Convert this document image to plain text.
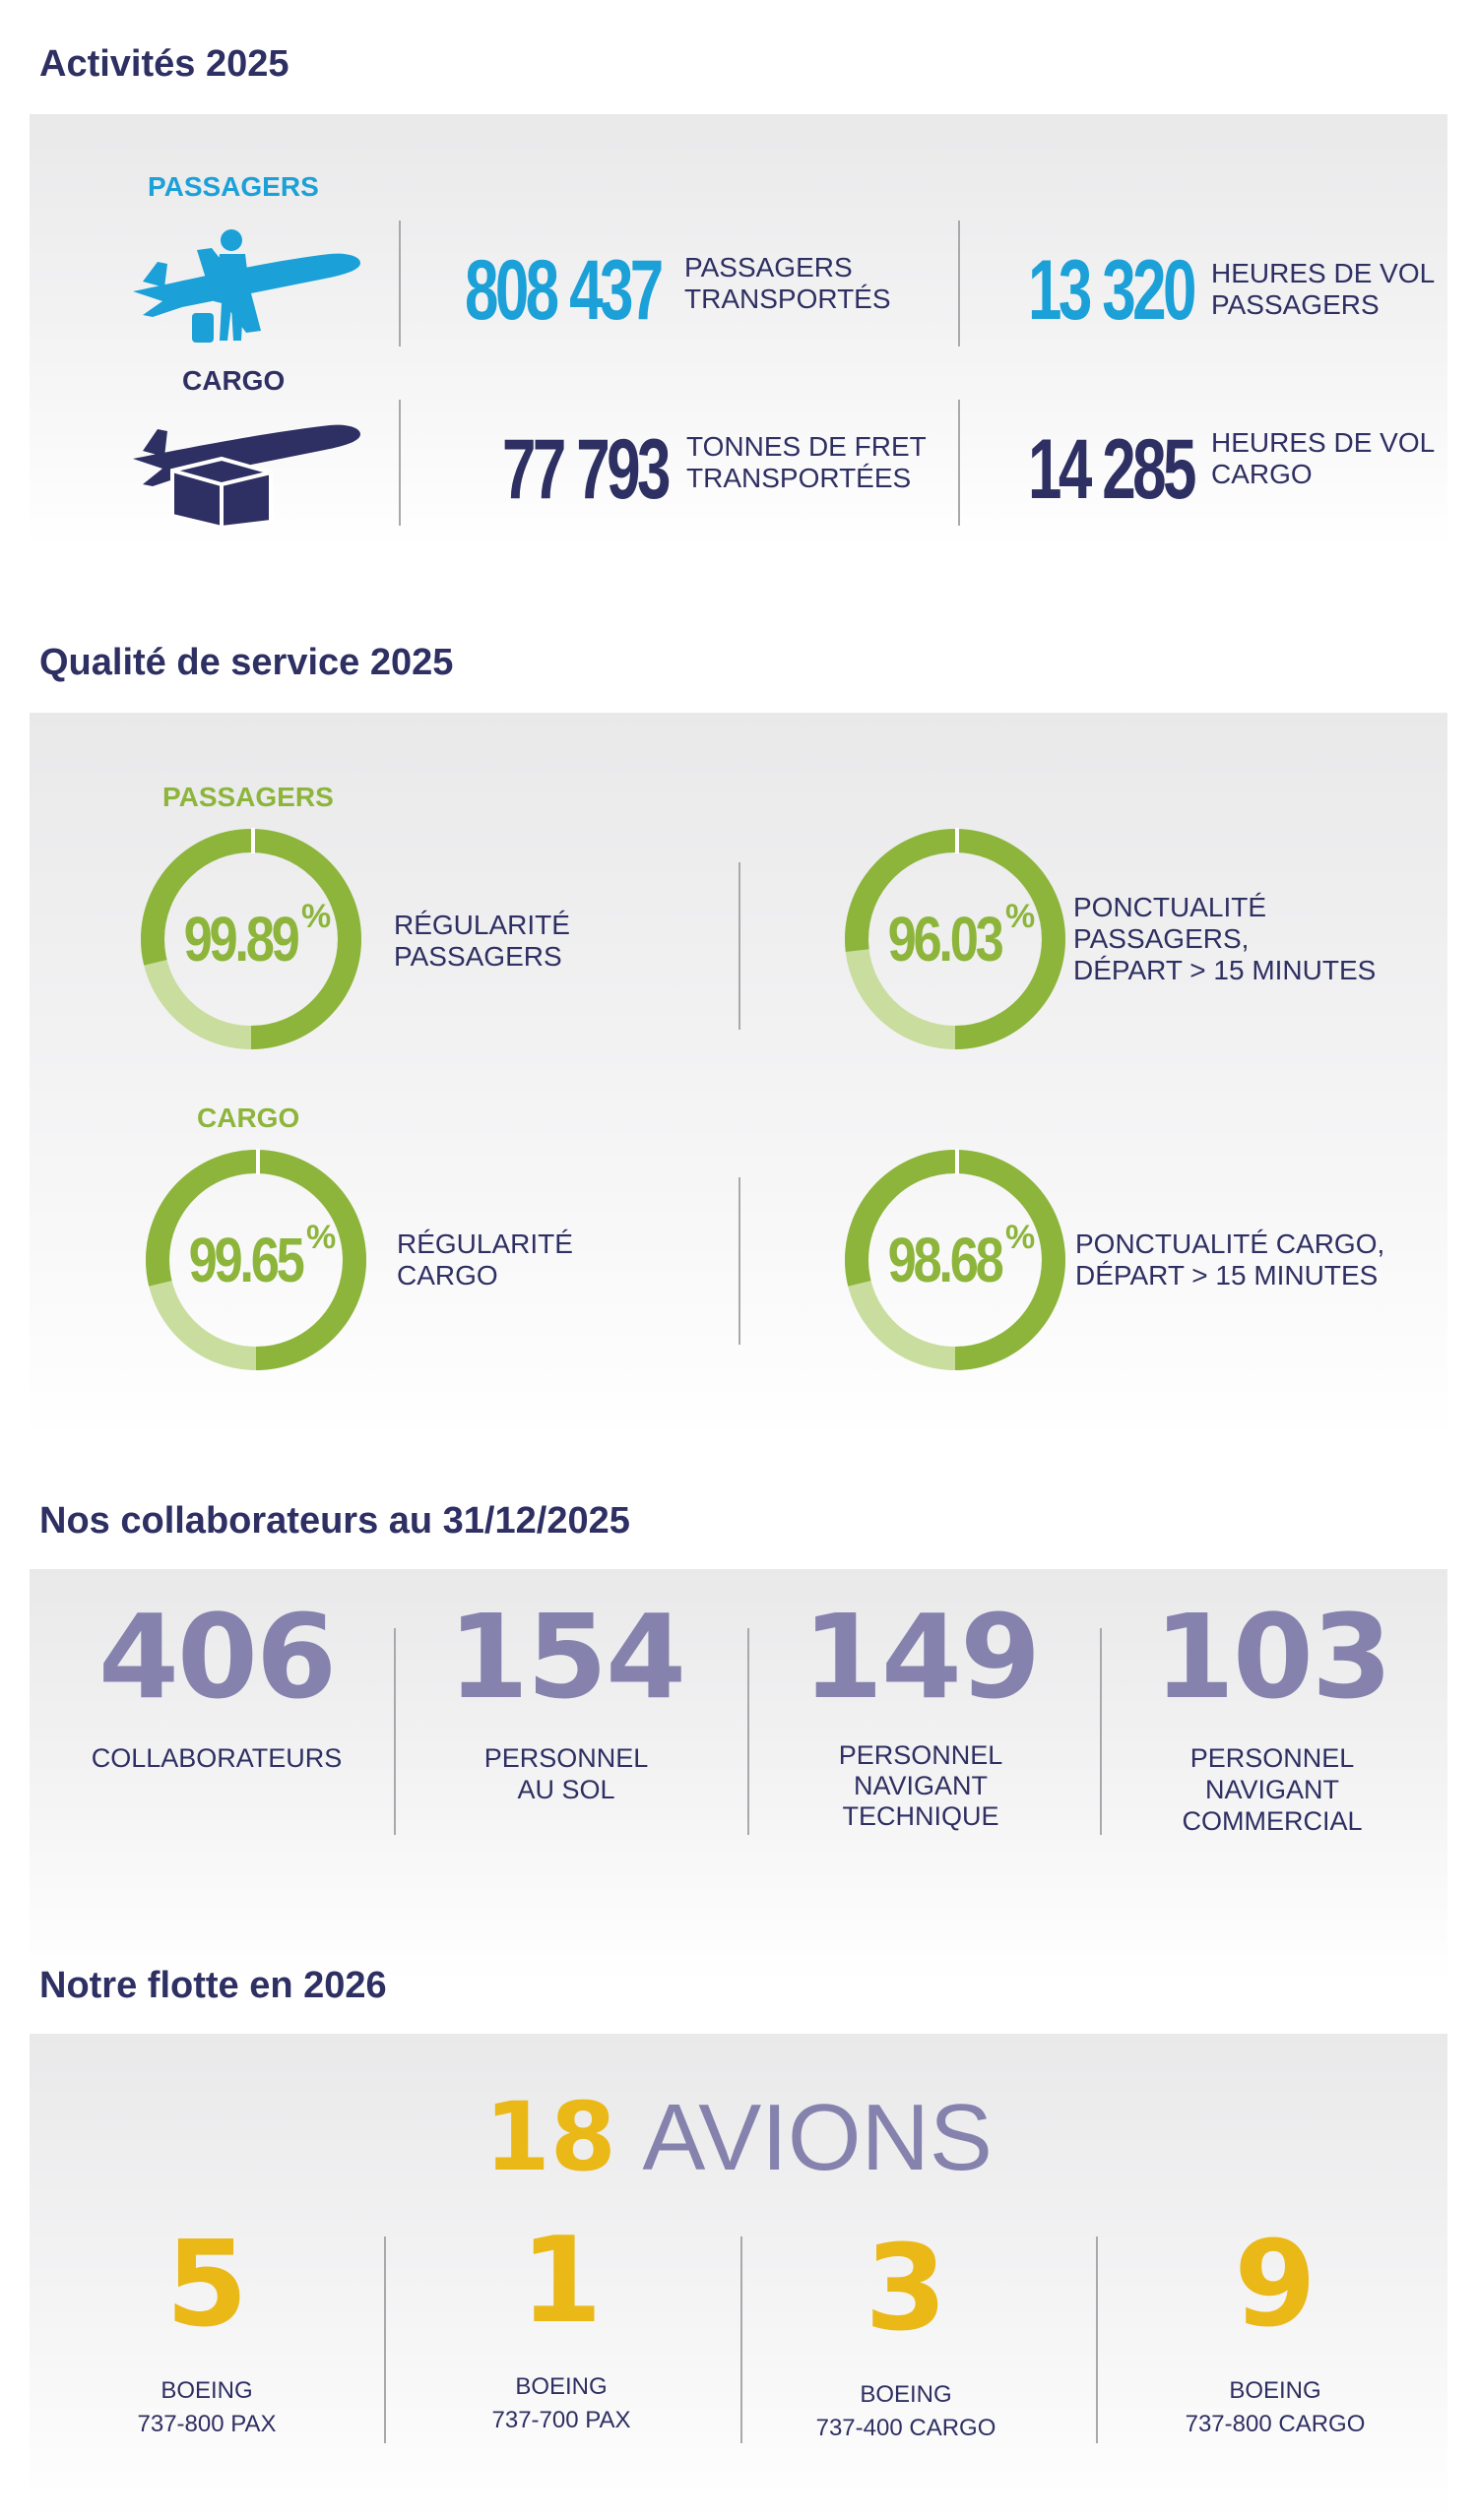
Activités 2025
PASSAGERS
808 437 PASSAGERS
TRANSPORTÉS 13 320 HEURES DE VOL
PASSAGERS
CARGO
77 793 TONNES DE FRET
TRANSPORTÉES 14 285 HEURES DE VOL
CARGO
Qualité de service 2025
PASSAGERS
CARGO
99.89 % RÉGULARITÉ
PASSAGERS	96.03 % PONCTUALITÉ
PASSAGERS,
DÉPART > 15 MINUTES
99.65 % RÉGULARITÉ
CARGO	98.68 % PONCTUALITÉ CARGO,
DÉPART > 15 MINUTES
Nos collaborateurs au 31/12/2025
406
COLLABORATEURS
154
PERSONNEL
AU SOL
149
PERSONNEL
NAVIGANT
TECHNIQUE
103
PERSONNEL
NAVIGANT
COMMERCIAL
Notre flotte en 2026
18 AVIONS
5
BOEING
737-800 PAX
1
BOEING
737-700 PAX
3
BOEING
737-400 CARGO
9
BOEING
737-800 CARGO
